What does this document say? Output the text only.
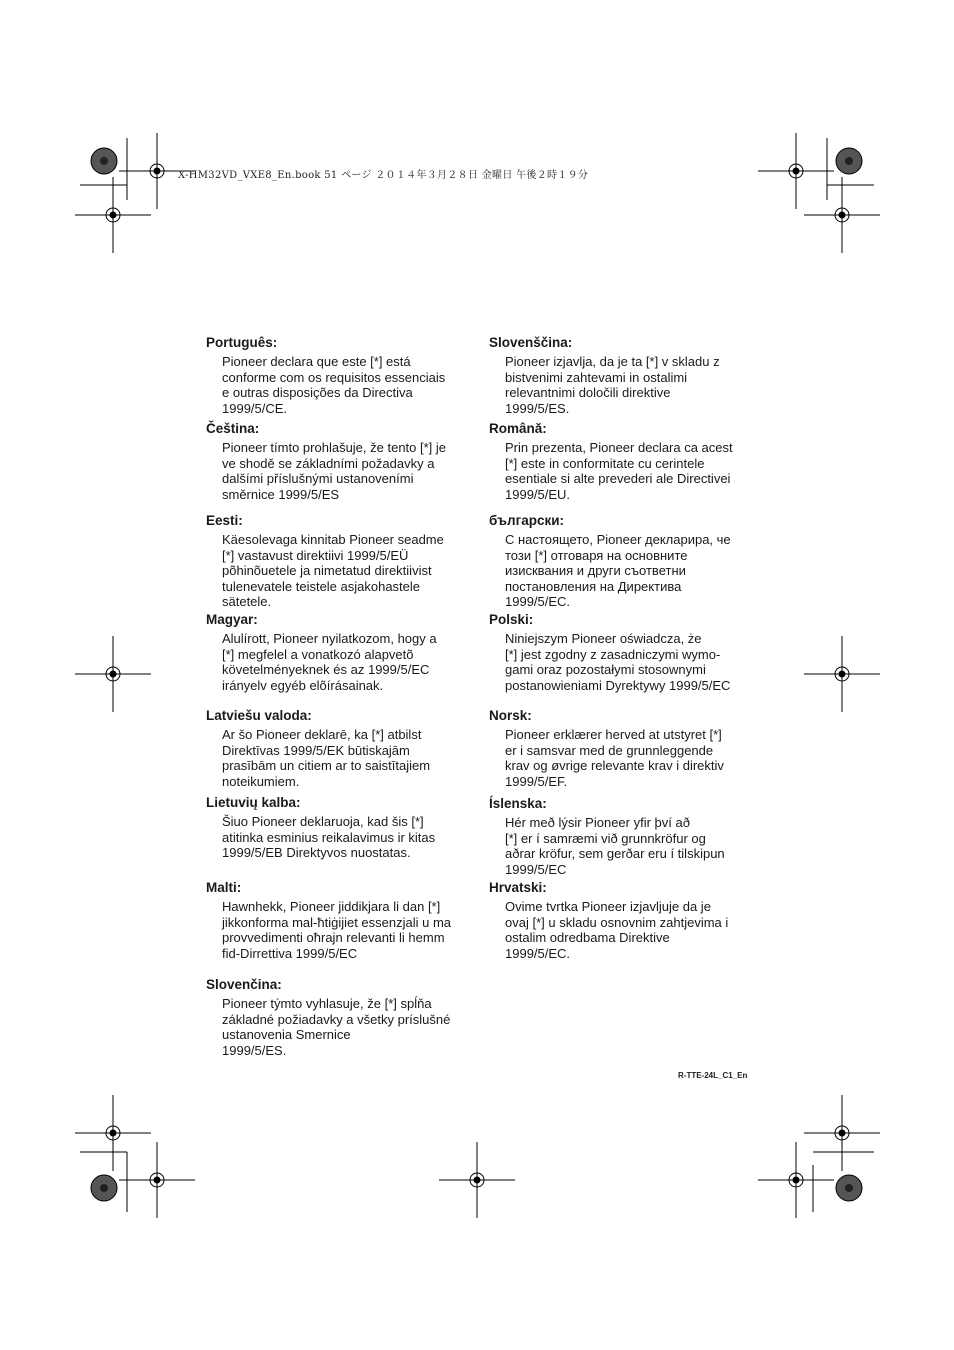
X-HM32VD_VXE8_En.book 51 ページ ２０１４年３月２８日 金曜日 午後２時１９分

Português:

Pioneer declara que este [*] está
conforme com os requisitos essenciais
e outras disposições da Directiva
1999/5/CE.

Čeština:

Pioneer tímto prohlašuje, že tento [*] je
ve shodě se základními požadavky a
dalšími příslušnými ustanoveními
směrnice 1999/5/ES

Eesti:

Käesolevaga kinnitab Pioneer seadme
[*] vastavust direktiivi 1999/5/EÜ
põhinõuetele ja nimetatud direktiivist
tulenevatele teistele asjakohastele
sätetele.

Magyar:

Alulírott, Pioneer nyilatkozom, hogy a
[*] megfelel a vonatkozó alapvetõ
követelményeknek és az 1999/5/EC
irányelv egyéb elõírásainak.

Latviešu valoda:

Ar šo Pioneer deklarē, ka [*] atbilst
Direktīvas 1999/5/EK būtiskajām
prasībām un citiem ar to saistītajiem
noteikumiem.

Lietuvių kalba:

Šiuo Pioneer deklaruoja, kad šis [*]
atitinka esminius reikalavimus ir kitas
1999/5/EB Direktyvos nuostatas.

Malti:

Hawnhekk, Pioneer jiddikjara li dan [*]
jikkonforma mal-ħtiġijiet essenzjali u ma
provvedimenti oħrajn relevanti li hemm
fid-Dirrettiva 1999/5/EC

Slovenčina:

Pioneer týmto vyhlasuje, že [*] spĺňa
základné požiadavky a všetky príslušné
ustanovenia Smernice
1999/5/ES.

Slovenščina:

Pioneer izjavlja, da je ta [*] v skladu z
bistvenimi zahtevami in ostalimi
relevantnimi določili direktive
1999/5/ES.

Română:

Prin prezenta, Pioneer declara ca acest
[*] este in conformitate cu cerintele
esentiale si alte prevederi ale Directivei
1999/5/EU.

български:

С настоящето, Pioneer декларира, че
този [*] отговаря на основните
изисквания и други съответни
постановления на Директива
1999/5/EC.

Polski:

Niniejszym Pioneer oświadcza, że
[*] jest zgodny z zasadniczymi wymo-
gami oraz pozostałymi stosownymi
postanowieniami Dyrektywy 1999/5/EC

Norsk:

Pioneer erklærer herved at utstyret [*]
er i samsvar med de grunnleggende
krav og øvrige relevante krav i direktiv
1999/5/EF.

Íslenska:

Hér með lýsir Pioneer yfir því að
[*] er í samræmi við grunnkröfur og
aðrar kröfur, sem gerðar eru í tilskipun
1999/5/EC

Hrvatski:

Ovime tvrtka Pioneer izjavljuje da je
ovaj [*] u skladu osnovnim zahtjevima i
ostalim odredbama Direktive
1999/5/EC.

R-TTE-24L_C1_En
